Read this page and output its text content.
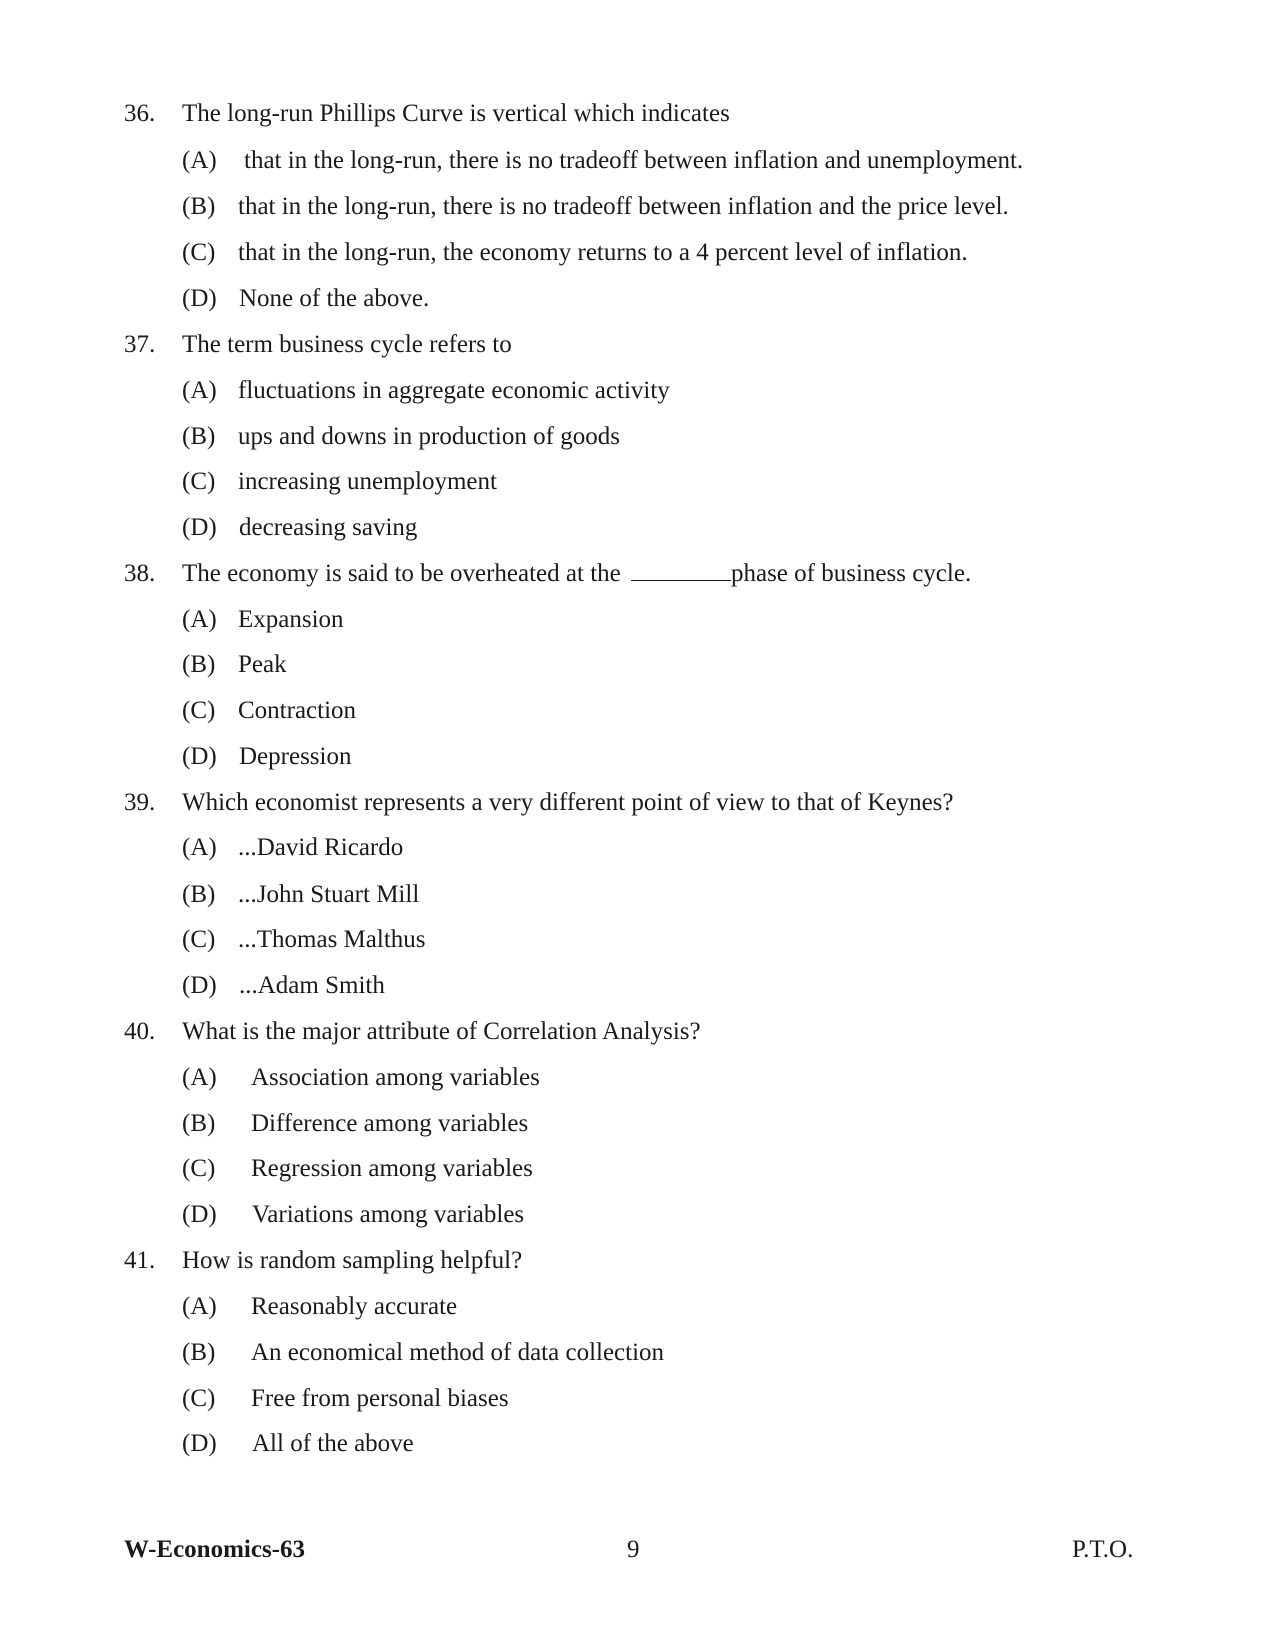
36. The long-run Phillips Curve is vertical which indicates
(A) that in the long-run, there is no tradeoff between inflation and unemployment.
(B) that in the long-run, there is no tradeoff between inflation and the price level.
(C) that in the long-run, the economy returns to a 4 percent level of inflation.
(D) None of the above.
37. The term business cycle refers to
(A) fluctuations in aggregate economic activity
(B) ups and downs in production of goods
(C) increasing unemployment
(D) decreasing saving
38. The economy is said to be overheated at the	phase of business cycle.
(A) Expansion
(B) Peak
(C) Contraction
(D) Depression
39. Which economist represents a very different point of view to that of Keynes?
(A) ...David Ricardo
(B) ...John Stuart Mill
(C) ...Thomas Malthus
(D) ...Adam Smith
40. What is the major attribute of Correlation Analysis?
(A) Association among variables
(B) Difference among variables
(C) Regression among variables
(D) Variations among variables
41. How is random sampling helpful?
(A) Reasonably accurate
(B) An economical method of data collection
(C) Free from personal biases
(D) All of the above
W-Economics-63	9	P.T.O.
